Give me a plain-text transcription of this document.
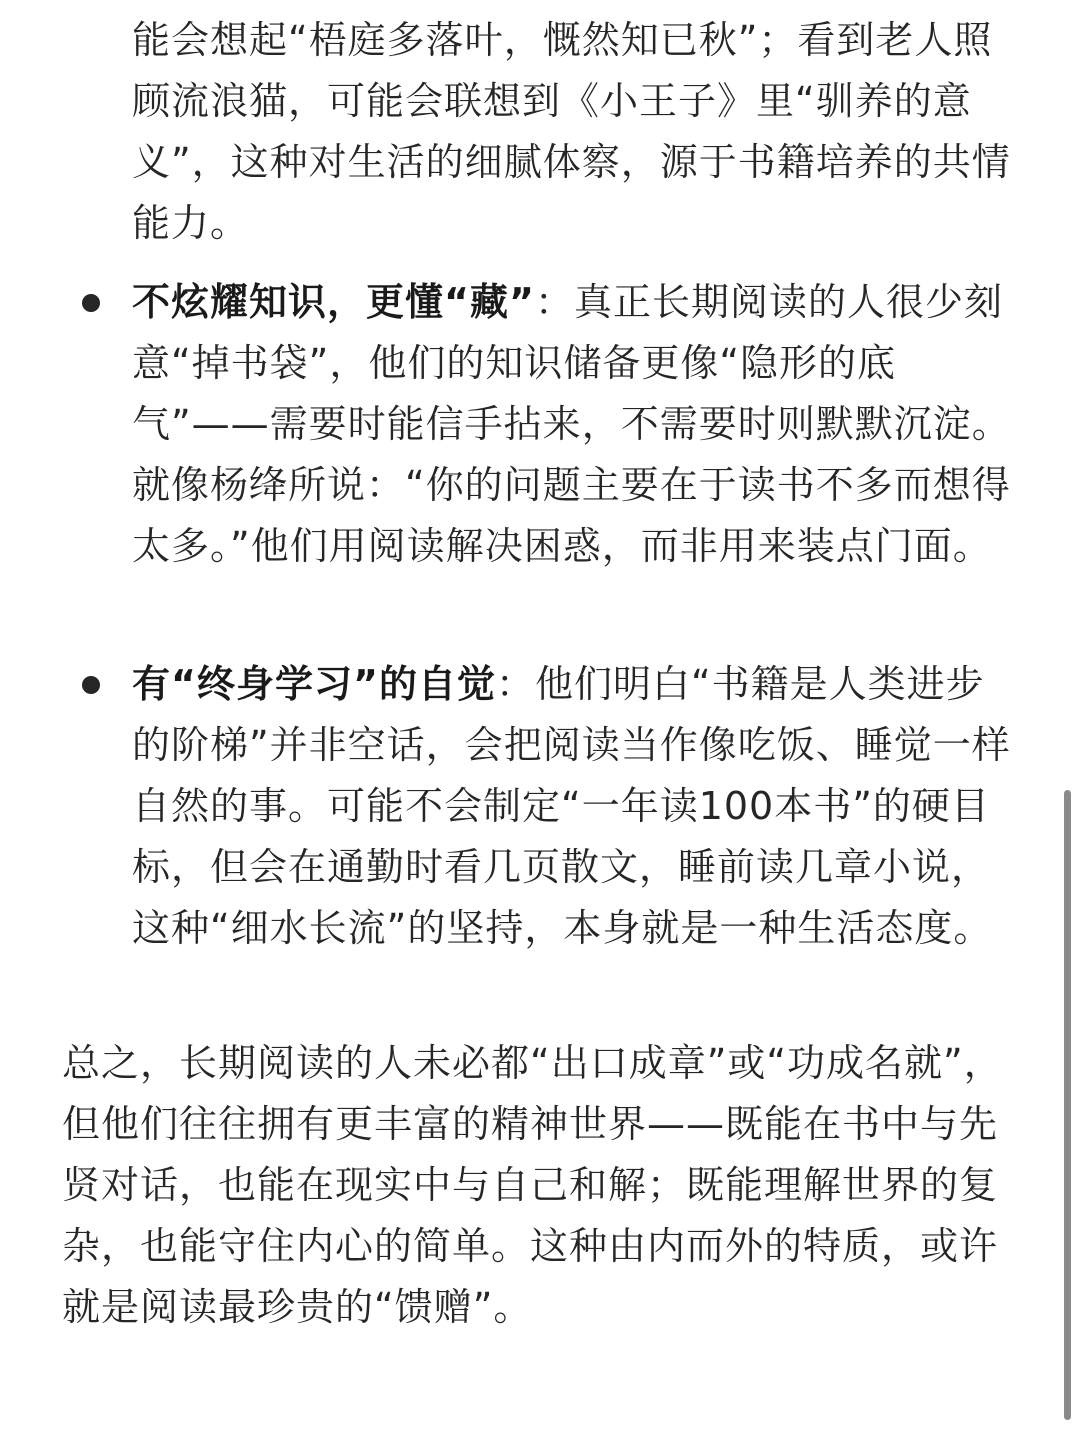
能会想起“梧庭多落叶，慨然知已秋”；看到老人照顾流浪猫，可能会联想到《小王子》里“驯养的意义”，这种对生活的细腻体察，源于书籍培养的共情能力。
不炫耀知识，更懂“藏”：真正长期阅读的人很少刻意“掉书袋”，他们的知识储备更像“隐形的底气”——需要时能信手拈来，不需要时则默默沉淀。就像杨绛所说：“你的问题主要在于读书不多而想得太多。”他们用阅读解决困惑，而非用来装点门面。
有“终身学习”的自觉：他们明白“书籍是人类进步的阶梯”并非空话，会把阅读当作像吃饭、睡觉一样自然的事。可能不会制定“一年读100本书”的硬目标，但会在通勤时看几页散文，睡前读几章小说，这种“细水长流”的坚持，本身就是一种生活态度。
总之，长期阅读的人未必都“出口成章”或“功成名就”，但他们往往拥有更丰富的精神世界——既能在书中与先贤对话，也能在现实中与自己和解；既能理解世界的复杂，也能守住内心的简单。这种由内而外的特质，或许就是阅读最珍贵的“馈赠”。
